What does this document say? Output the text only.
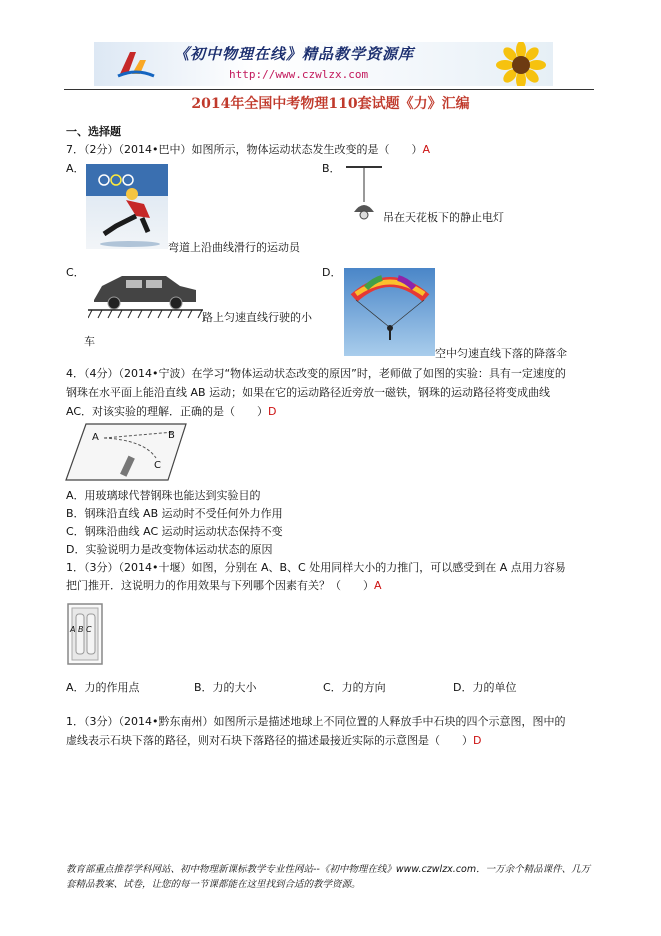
《初中物理在线》精品教学资源库
http://www.czwlzx.com
2014年全国中考物理110套试题《力》汇编
一、选择题
7．（2分）（2014•巴中）如图所示，物体运动状态发生改变的是（　　）A
A．
弯道上沿曲线滑行的运动员
B．
吊在天花板下的静止电灯
C．
路上匀速直线行驶的小
车
D．
空中匀速直线下落的降落伞
4．（4分）（2014•宁波）在学习“物体运动状态改变的原因”时，老师做了如图的实验：具有一定速度的
钢珠在水平面上能沿直线 AB 运动；如果在它的运动路径近旁放一磁铁，钢珠的运动路径将变成曲线
AC．对该实验的理解．正确的是（　　）D
A	B
C
A．用玻璃球代替钢珠也能达到实验目的
B．钢珠沿直线 AB 运动时不受任何外力作用
C．钢珠沿曲线 AC 运动时运动状态保持不变
D．实验说明力是改变物体运动状态的原因
1．（3分）（2014•十堰）如图，分别在 A、B、C 处用同样大小的力推门，可以感受到在 A 点用力容易
把门推开．这说明力的作用效果与下列哪个因素有关？（　　）A
A B C
A．力的作用点	B．力的大小	C．力的方向	D．力的单位
1．（3分）（2014•黔东南州）如图所示是描述地球上不同位置的人释放手中石块的四个示意图，图中的
虚线表示石块下落的路径，则对石块下落路径的描述最接近实际的示意图是（　　）D
教育部重点推荐学科网站、初中物理新课标教学专业性网站--《初中物理在线》www.czwlzx.com．一万余个精品课件、几万套精品教案、试卷，让您的每一节课都能在这里找到合适的教学资源。
